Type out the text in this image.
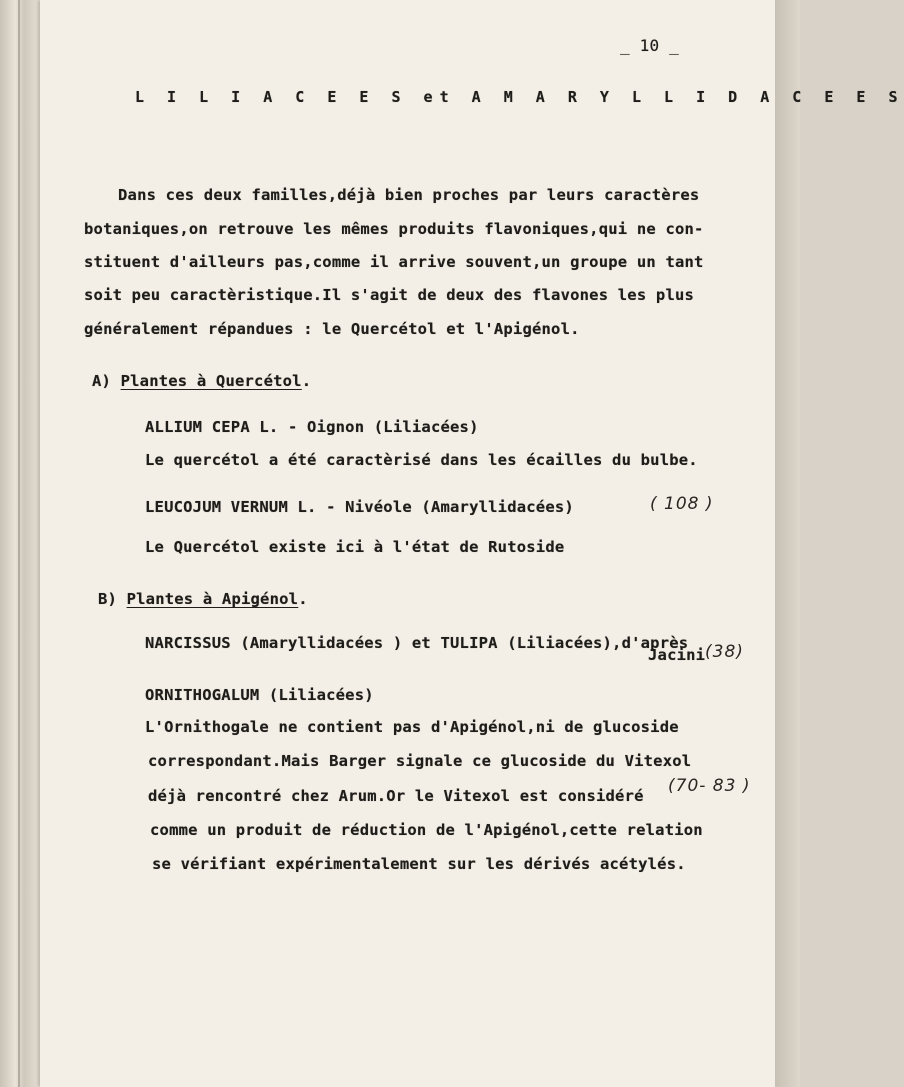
_ 10 _
L I L I A C E E S et A M A R Y L L I D A C E E S
Dans ces deux familles,déjà bien proches par leurs caractères
botaniques,on retrouve les mêmes produits flavoniques,qui ne con-
stituent d'ailleurs pas,comme il arrive souvent,un groupe un tant
soit peu caractèristique.Il s'agit de deux des flavones les plus
généralement répandues : le Quercétol et l'Apigénol.
A) Plantes à Quercétol.
ALLIUM CEPA L. - Oignon (Liliacées)
Le quercétol a été caractèrisé dans les écailles du bulbe.
LEUCOJUM VERNUM L. - Nivéole (Amaryllidacées)	( 108 )
Le Quercétol existe ici à l'état de Rutoside
B) Plantes à Apigénol.
NARCISSUS (Amaryllidacées ) et TULIPA (Liliacées),d'après
Jacini (38)
ORNITHOGALUM (Liliacées)
L'Ornithogale ne contient pas d'Apigénol,ni de glucoside
correspondant.Mais Barger signale ce glucoside du Vitexol
déjà rencontré chez Arum.Or le Vitexol est considéré (70- 83 )
comme un produit de réduction de l'Apigénol,cette relation
se vérifiant expérimentalement sur les dérivés acétylés.
